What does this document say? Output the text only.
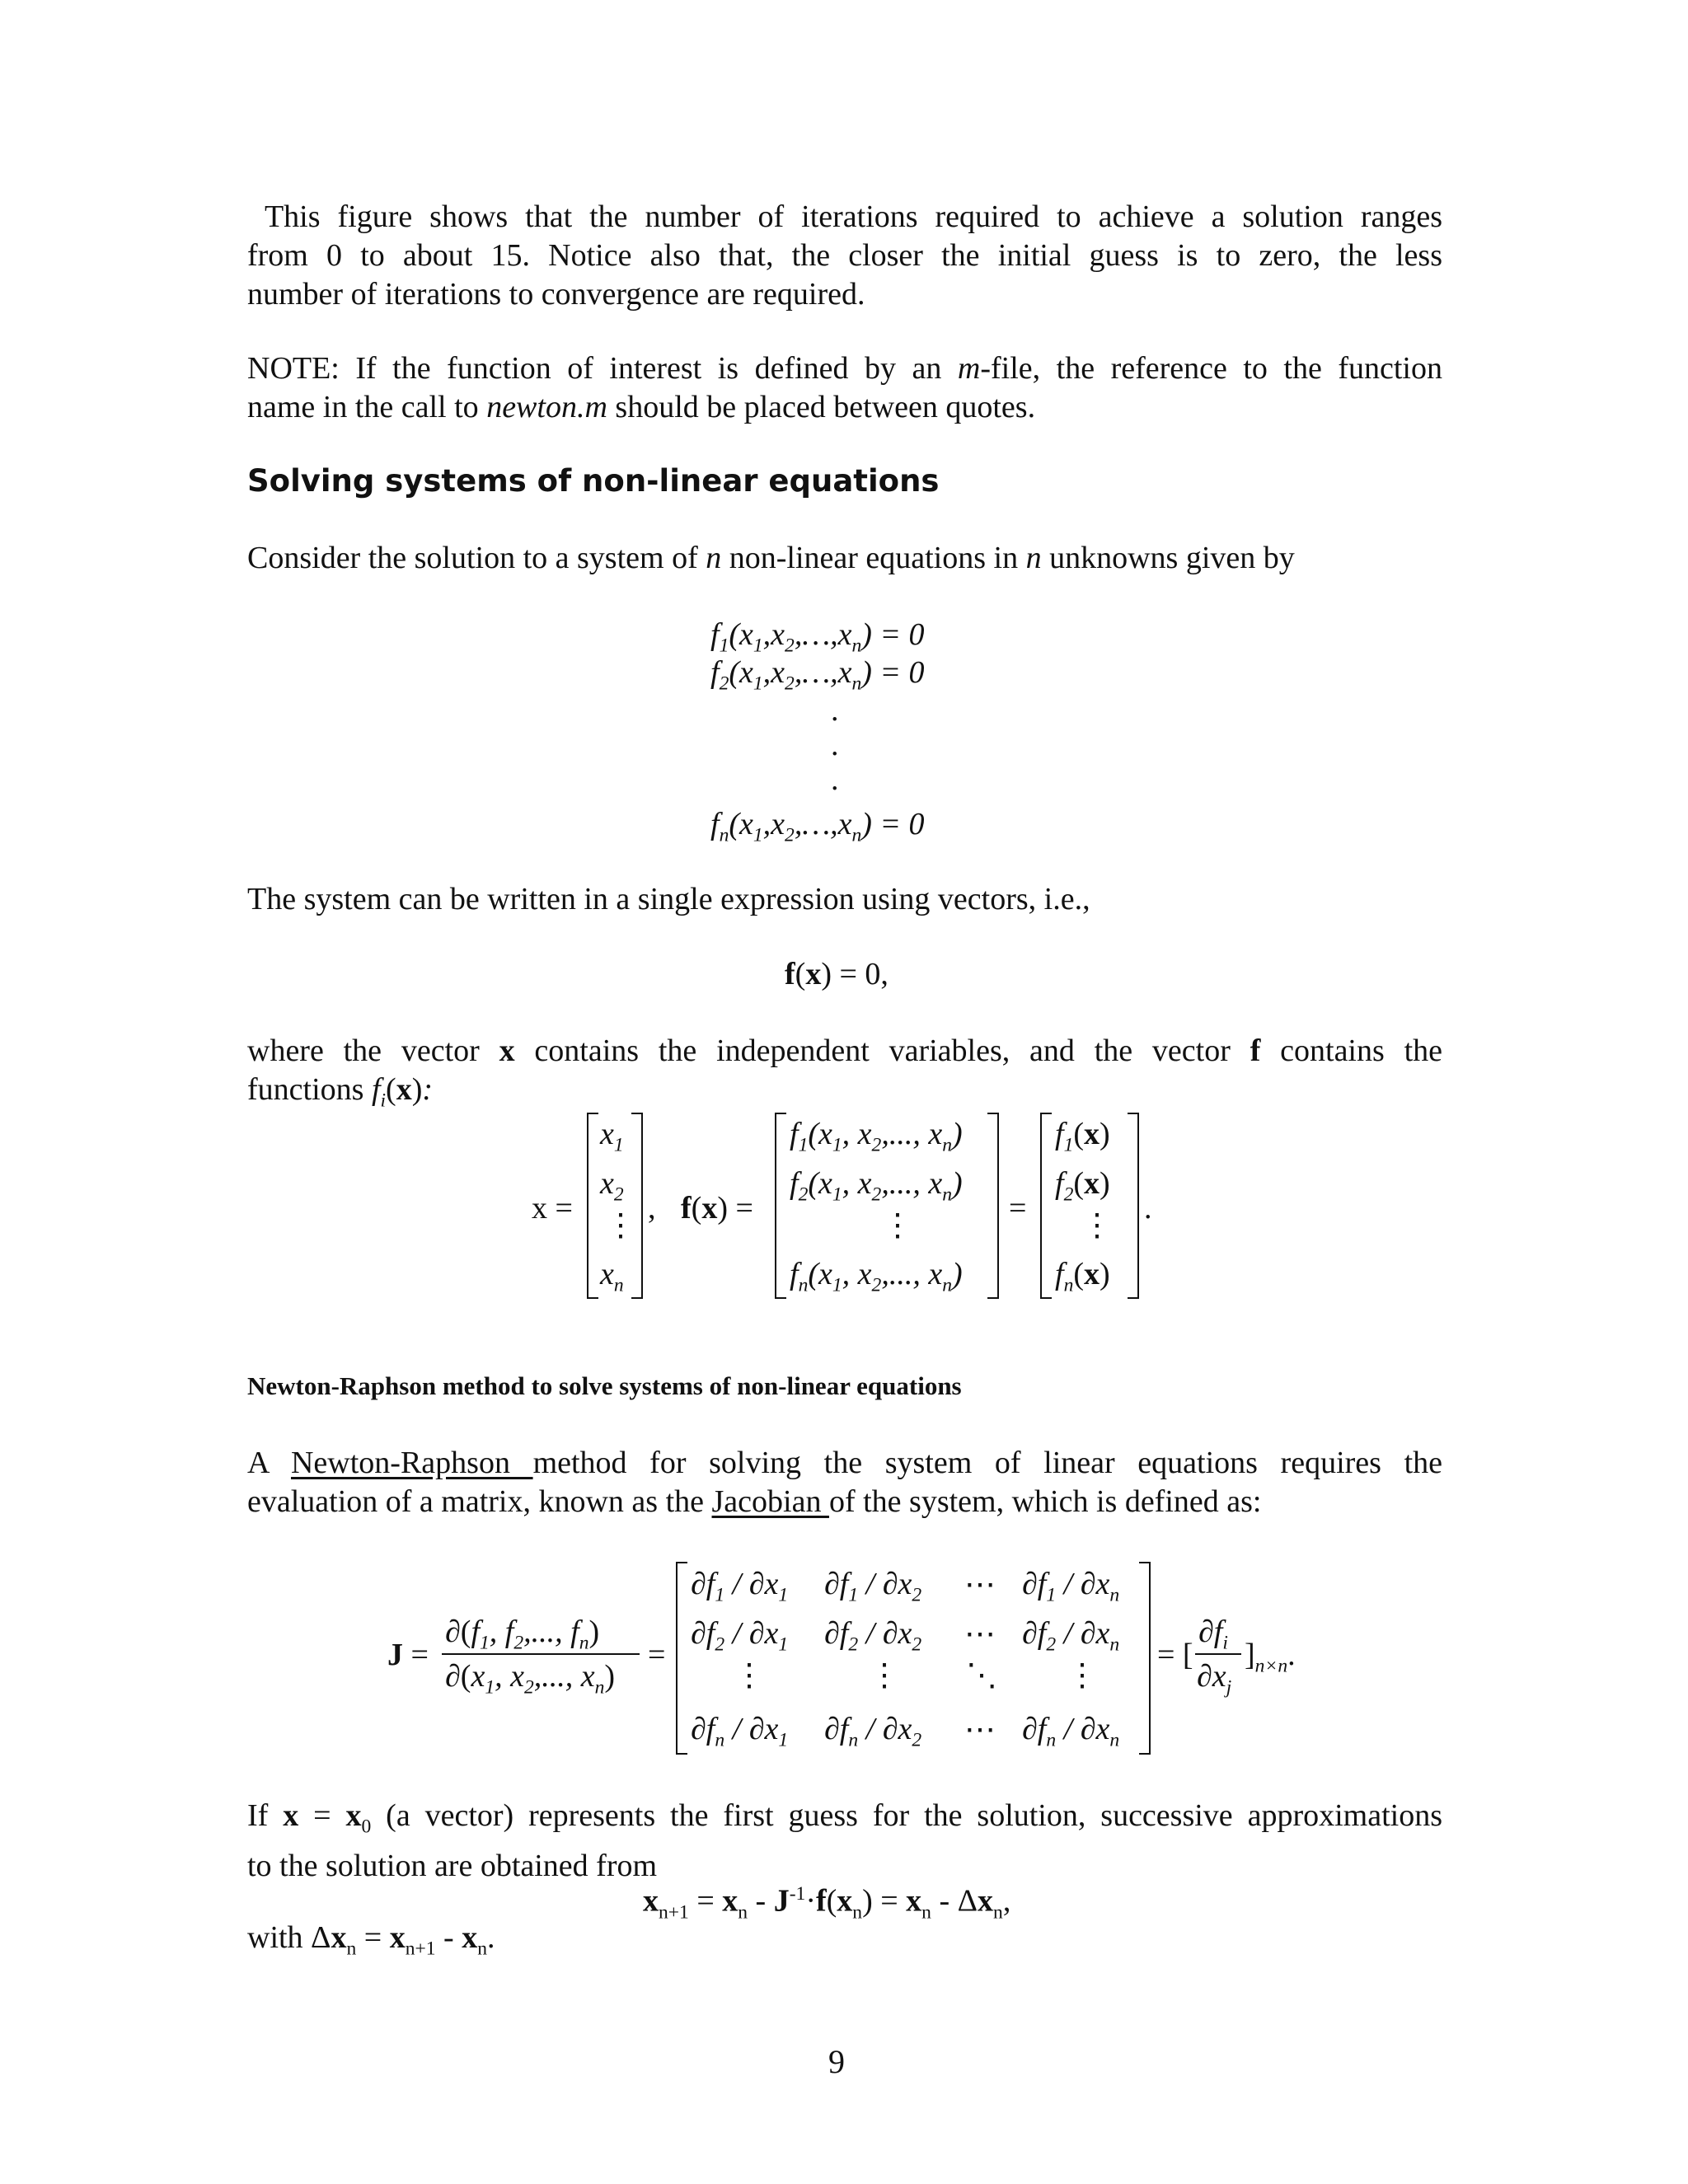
This figure shows that the number of iterations required to achieve a solution ranges
from 0 to about 15. Notice also that, the closer the initial guess is to zero, the less
number of iterations to convergence are required.
NOTE: If the function of interest is defined by an m-file, the reference to the function
name in the call to newton.m should be placed between quotes.
Solving systems of non-linear equations
Consider the solution to a system of n non-linear equations in n unknowns given by
$f_1(x_1,x_2,\dots,x_n) = 0$
$f_2(x_1,x_2,\dots,x_n) = 0$
.
.
.
$f_n(x_1,x_2,\dots,x_n) = 0$
The system can be written in a single expression using vectors, i.e.,
f(x) = 0,
where the vector x contains the independent variables, and the vector f contains the
functions $f_i(x)$:
x =
$x_1$
$x_2$
⋮
$x_n$
, f(x) =
$f_1(x_1$, $x_2$,..., $x_n$)
$f_2(x_1$, $x_2$,..., $x_n$)
⋮
$f_n(x_1$, $x_2$,..., $x_n$)
=
$f_1(x)$
$f_2(x)$
⋮
$f_n(x)$
.
Newton-Raphson method to solve systems of non-linear equations
A Newton-Raphson method for solving the system of linear equations requires the
evaluation of a matrix, known as the Jacobian of the system, which is defined as:
J =
$\partial(f_1$, $f_2$,..., $f_n$)
$\partial(x_1$, $x_2$,..., $x_n$)
=
$\partial f_1 / \partial x_1$ $\partial f_1 / \partial x_2$ ⋯ $\partial f_1 / \partial x_n$
$\partial f_2 / \partial x_1$ $\partial f_2 / \partial x_2$ ⋯ $\partial f_2 / \partial x_n$
⋮	⋮ ⋱ ⋮
$\partial f_n / \partial x_1$ $\partial f_n / \partial x_2$ ⋯ $\partial f_n / \partial x_n$
= [
$\partial f_i$
$\partial x_j$
]$_{n\times n}$.
If $x = x_0$ (a vector) represents the first guess for the solution, successive approximations
to the solution are obtained from
$x_{n+1} = x_n - J^{-1}\cdot f(x_n) = x_n - \Delta x_n$,
with $\Delta x_n = x_{n+1} - x_n$.
9
